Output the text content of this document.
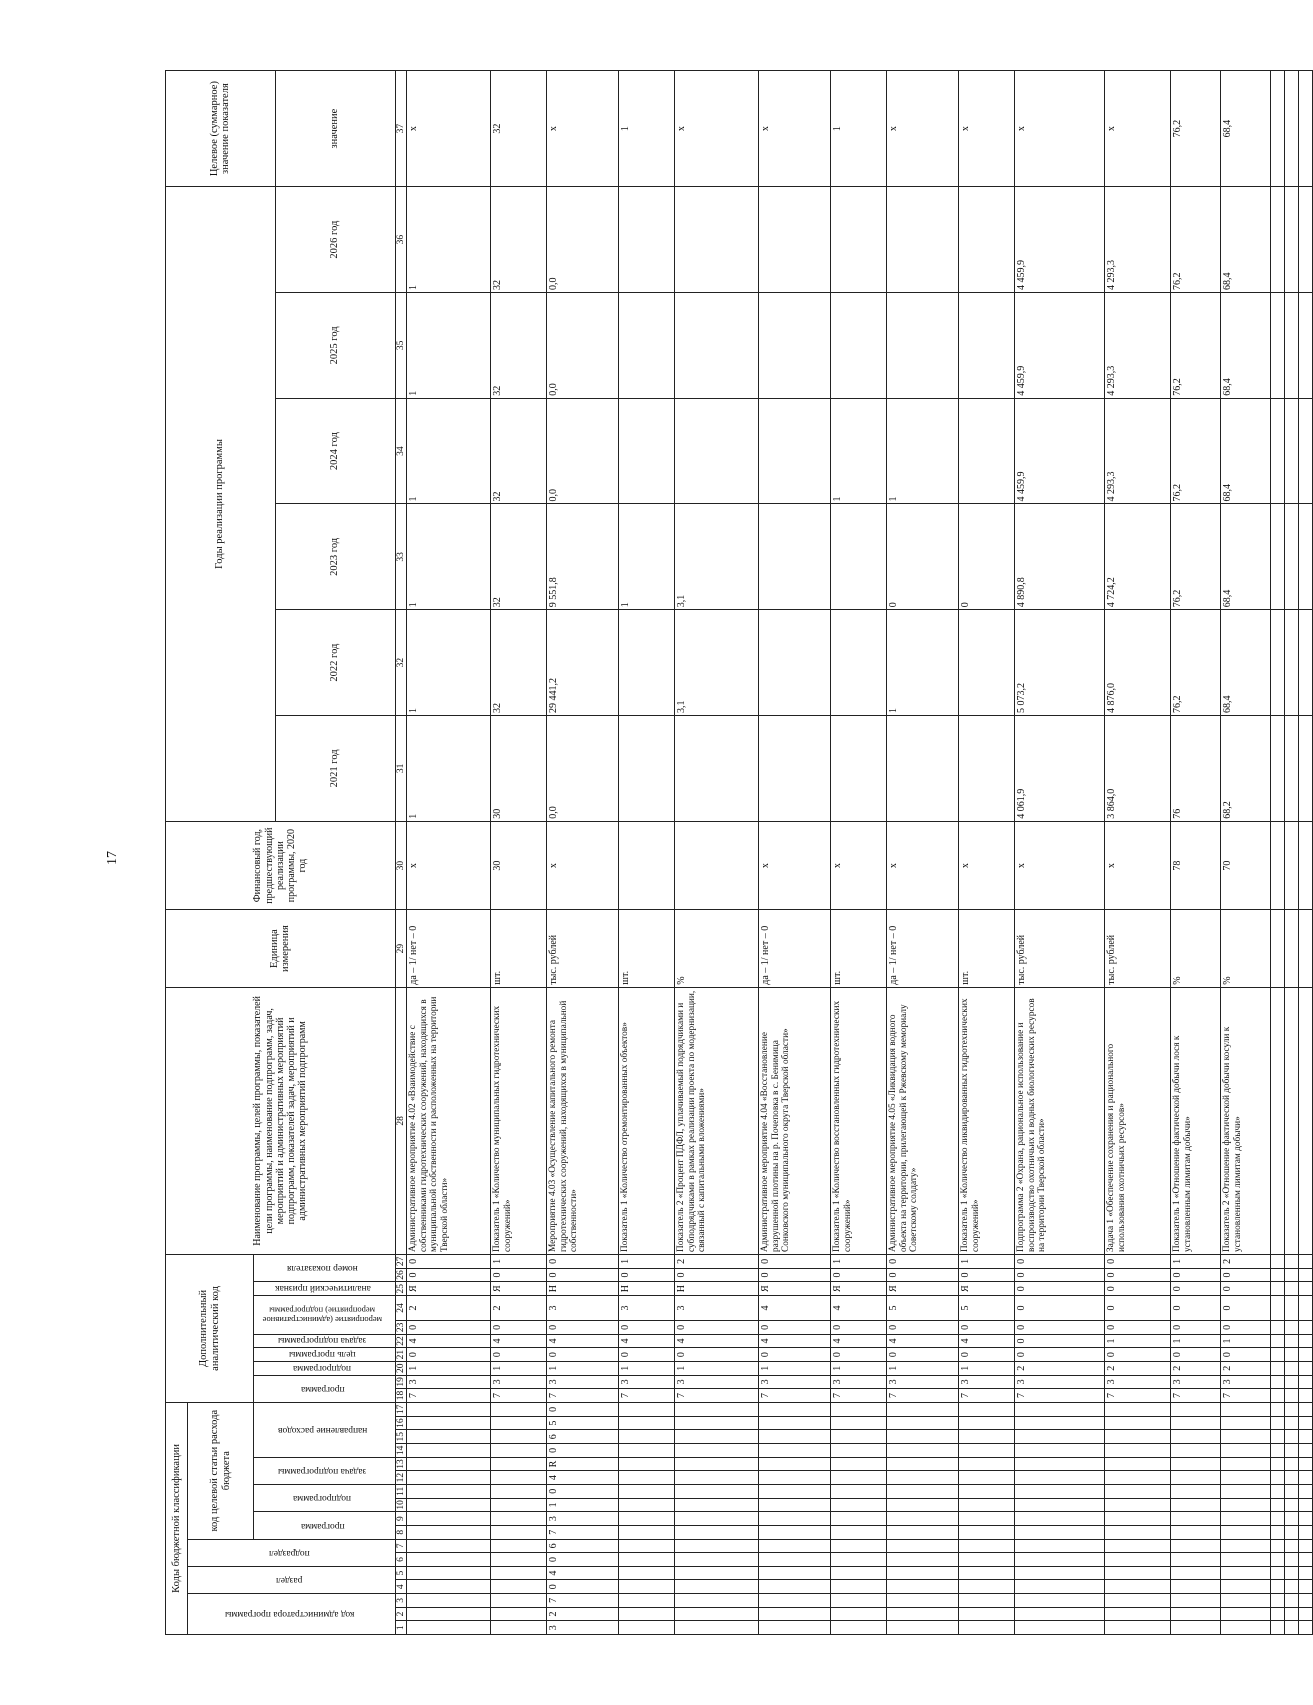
17
Коды бюджетной классификации																	Дополнительный аналитический код										Наименование программы, целей программы, показателей цели программы, наименование подпрограмм, задач, мероприятий и административных мероприятий подпрограмм, показателей задач, мероприятий и административных мероприятий подпрограмм	Единица измерения	Финансовый год, предшествующий реализации программы, 2020 год	Годы реализации программы						Целевое (суммарное) значение показателя
код администратора программы			раздел		подраздел		код целевой статьи расхода бюджета																													
							программа		подпрограмма		задача подпрограммы		направление расходов				программа		подпрограмма	цель программы	задача подпрограммы	мероприятие (административное мероприятие) подпрограммы		аналитический признак	номер показателя											
																														2021 год	2022 год	2023 год	2024 год	2025 год	2026 год	значение
1	2	3	4	5	6	7	8	9	10	11	12	13	14	15	16	17	18	19	20	21	22	23	24	25	26	27	28	29	30	31	32	33	34	35	36	37
																	7	3	1	0	4	0	2	Я	0	0	Административное мероприятие 4.02 «Взаимодействие с собственниками гидротехнических сооружений, находящихся в муниципальной собственности и расположенных на территории Тверской области»	да – 1/ нет – 0	х	1	1	1	1	1	1	х
																	7	3	1	0	4	0	2	Я	0	1	Показатель 1 «Количество муниципальных гидротехнических сооружений»	шт.	30	30	32	32	32	32	32	32
3	2	7	0	4	0	6	7	3	1	0	4	R	0	6	5	0	7	3	1	0	4	0	3	Н	0	0	Мероприятие 4.03 «Осуществление капитального ремонта гидротехнических сооружений, находящихся в муниципальной собственности»	тыс. рублей	х	0,0	29 441,2	9 551,8	0,0	0,0	0,0	х
																	7	3	1	0	4	0	3	Н	0	1	Показатель 1 «Количество отремонтированных объектов»	шт.				1				1
																	7	3	1	0	4	0	3	Н	0	2	Показатель 2 «Процент ПДФЛ, уплачиваемый подрядчиками и субподрядчиками в рамках реализации проекта по модернизации, связанный с капитальными вложениями»	%			3,1	3,1				х
																	7	3	1	0	4	0	4	Я	0	0	Административное мероприятие 4.04 «Восстановление разрушенной плотины на р. Почеповка в с. Бенимица Сонковского муниципального округа Тверской области»	да – 1/ нет – 0	х							х
																	7	3	1	0	4	0	4	Я	0	1	Показатель 1 «Количество восстановленных гидротехнических сооружений»	шт.	х				1			1
																	7	3	1	0	4	0	5	Я	0	0	Административное мероприятие 4.05 «Ликвидация водного объекта на территории, прилегающей к Ржевскому мемориалу Советскому солдату»	да – 1/ нет – 0	х		1	0	1			х
																	7	3	1	0	4	0	5	Я	0	1	Показатель 1 «Количество ликвидированных гидротехнических сооружений»	шт.	х			0				х
																	7	3	2	0	0	0	0	0	0	0	Подпрограмма 2 «Охрана, рациональное использование и воспроизводство охотничьих и водных биологических ресурсов на территории Тверской области»	тыс. рублей	х	4 061,9	5 073,2	4 890,8	4 459,9	4 459,9	4 459,9	х
																	7	3	2	0	1	0	0	0	0	0	Задача 1 «Обеспечение сохранения и рационального использования охотничьих ресурсов»	тыс. рублей	х	3 864,0	4 876,0	4 724,2	4 293,3	4 293,3	4 293,3	х
																	7	3	2	0	1	0	0	0	0	1	Показатель 1 «Отношение фактической добычи лося к установленным лимитам добычи»	%	78	76	76,2	76,2	76,2	76,2	76,2	76,2
																	7	3	2	0	1	0	0	0	0	2	Показатель 2 «Отношение фактической добычи косули к установленным лимитам добычи»	%	70	68,2	68,4	68,4	68,4	68,4	68,4	68,4
